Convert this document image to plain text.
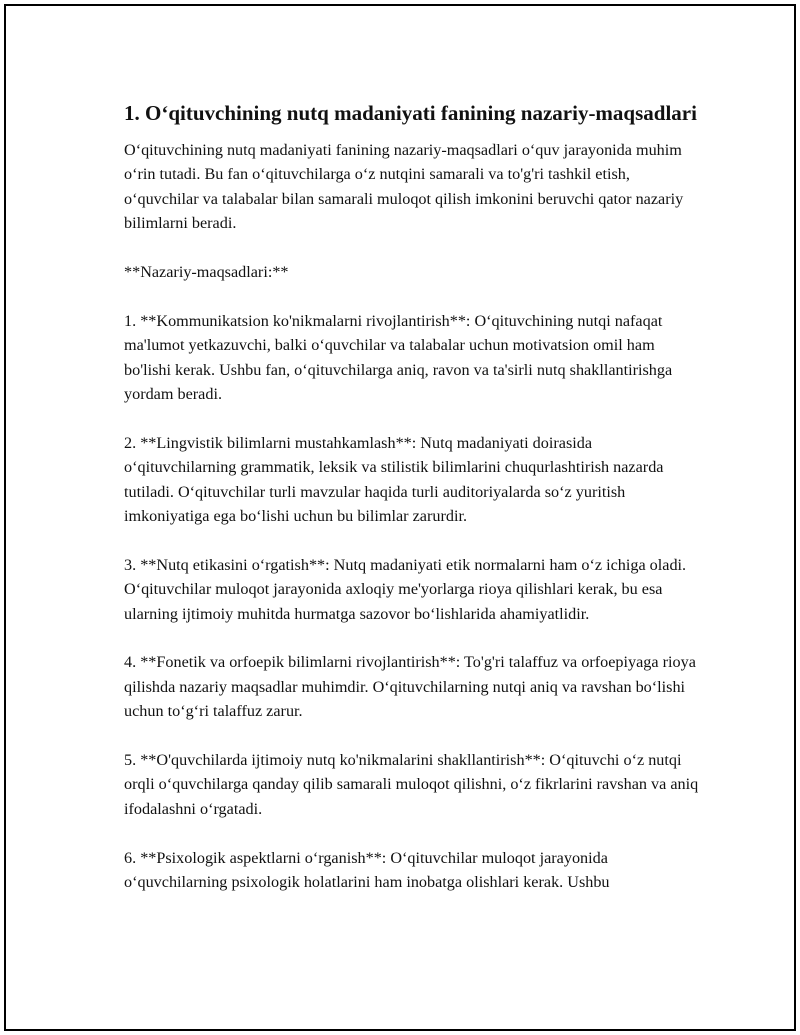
1. O‘qituvchining nutq madaniyati fanining nazariy-maqsadlari

O‘qituvchining nutq madaniyati fanining nazariy-maqsadlari o‘quv jarayonida muhim o‘rin tutadi. Bu fan o‘qituvchilarga o‘z nutqini samarali va to'g'ri tashkil etish, o‘quvchilar va talabalar bilan samarali muloqot qilish imkonini beruvchi qator nazariy bilimlarni beradi.

**Nazariy-maqsadlari:**

1. **Kommunikatsion ko'nikmalarni rivojlantirish**: O‘qituvchining nutqi nafaqat ma'lumot yetkazuvchi, balki o‘quvchilar va talabalar uchun motivatsion omil ham bo'lishi kerak. Ushbu fan, o‘qituvchilarga aniq, ravon va ta'sirli nutq shakllantirishga yordam beradi.

2. **Lingvistik bilimlarni mustahkamlash**: Nutq madaniyati doirasida o‘qituvchilarning grammatik, leksik va stilistik bilimlarini chuqurlashtirish nazarda tutiladi. O‘qituvchilar turli mavzular haqida turli auditoriyalarda so‘z yuritish imkoniyatiga ega bo‘lishi uchun bu bilimlar zarurdir.

3. **Nutq etikasini o‘rgatish**: Nutq madaniyati etik normalarni ham o‘z ichiga oladi. O‘qituvchilar muloqot jarayonida axloqiy me'yorlarga rioya qilishlari kerak, bu esa ularning ijtimoiy muhitda hurmatga sazovor bo‘lishlarida ahamiyatlidir.

4. **Fonetik va orfoepik bilimlarni rivojlantirish**: To'g'ri talaffuz va orfoepiyaga rioya qilishda nazariy maqsadlar muhimdir. O‘qituvchilarning nutqi aniq va ravshan bo‘lishi uchun to‘g‘ri talaffuz zarur.

5. **O'quvchilarda ijtimoiy nutq ko'nikmalarini shakllantirish**: O‘qituvchi o‘z nutqi orqli o‘quvchilarga qanday qilib samarali muloqot qilishni, o‘z fikrlarini ravshan va aniq ifodalashni o‘rgatadi.

6. **Psixologik aspektlarni o‘rganish**: O‘qituvchilar muloqot jarayonida o‘quvchilarning psixologik holatlarini ham inobatga olishlari kerak. Ushbu
